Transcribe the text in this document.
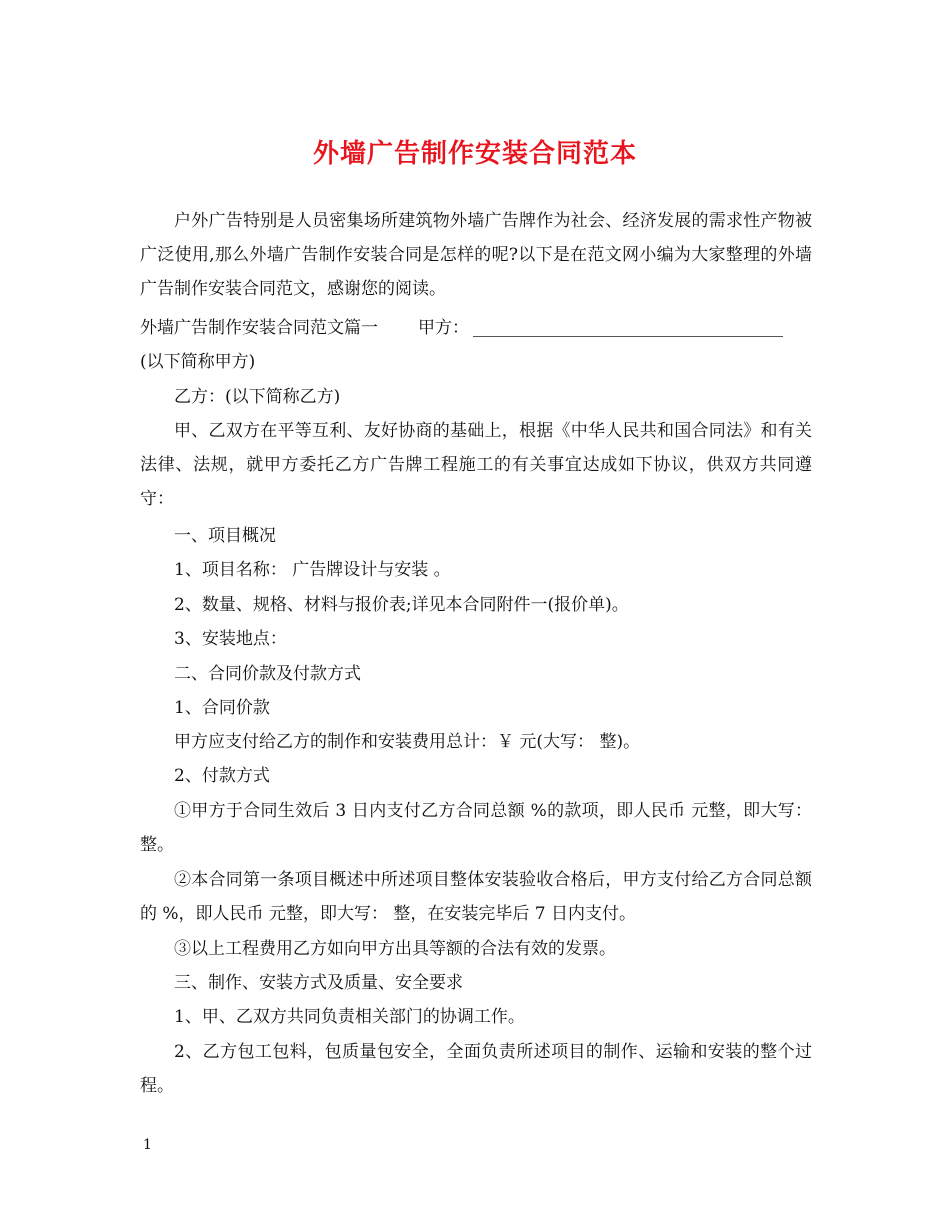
外墙广告制作安装合同范本

户外广告特别是人员密集场所建筑物外墙广告牌作为社会、经济发展的需求性产物被广泛使用,那么外墙广告制作安装合同是怎样的呢?以下是在范文网小编为大家整理的外墙广告制作安装合同范文，感谢您的阅读。

外墙广告制作安装合同范文篇一 甲方：
(以下简称甲方)
乙方：(以下简称乙方)

甲、乙双方在平等互利、友好协商的基础上，根据《中华人民共和国合同法》和有关法律、法规，就甲方委托乙方广告牌工程施工的有关事宜达成如下协议，供双方共同遵守：

一、项目概况
1、项目名称： 广告牌设计与安装 。
2、数量、规格、材料与报价表;详见本合同附件一(报价单)。
3、安装地点：
二、合同价款及付款方式
1、合同价款
甲方应支付给乙方的制作和安装费用总计：￥ 元(大写： 整)。
2、付款方式

①甲方于合同生效后 3 日内支付乙方合同总额 %的款项，即人民币 元整，即大写： 整。

②本合同第一条项目概述中所述项目整体安装验收合格后，甲方支付给乙方合同总额的 %，即人民币 元整，即大写： 整，在安装完毕后 7 日内支付。

③以上工程费用乙方如向甲方出具等额的合法有效的发票。
三、制作、安装方式及质量、安全要求
1、甲、乙双方共同负责相关部门的协调工作。

2、乙方包工包料，包质量包安全，全面负责所述项目的制作、运输和安装的整个过程。

1
